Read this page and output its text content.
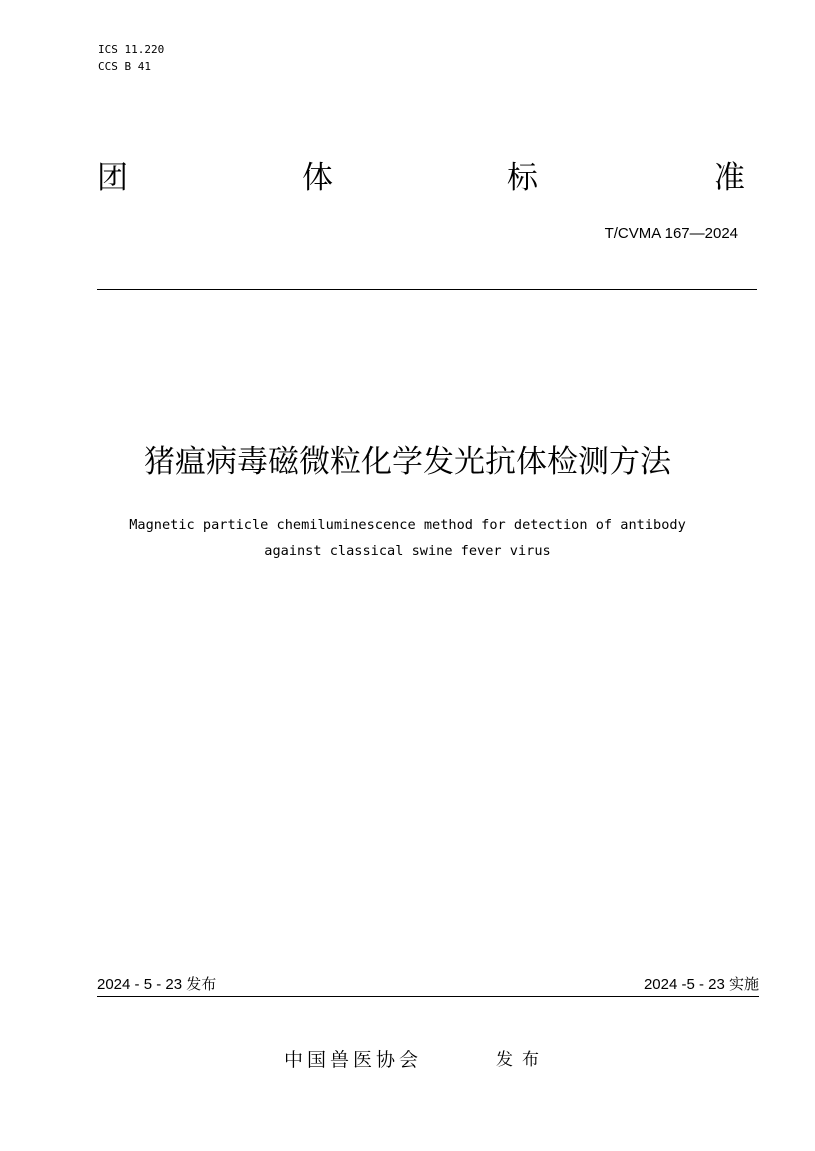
ICS 11.220
CCS B 41
团	体	标	准
T/CVMA 167—2024
猪瘟病毒磁微粒化学发光抗体检测方法
Magnetic particle chemiluminescence method for detection of antibody
against classical swine fever virus
2024 - 5 - 23 发布	2024 -5 - 23 实施
中国兽医协会	发布
